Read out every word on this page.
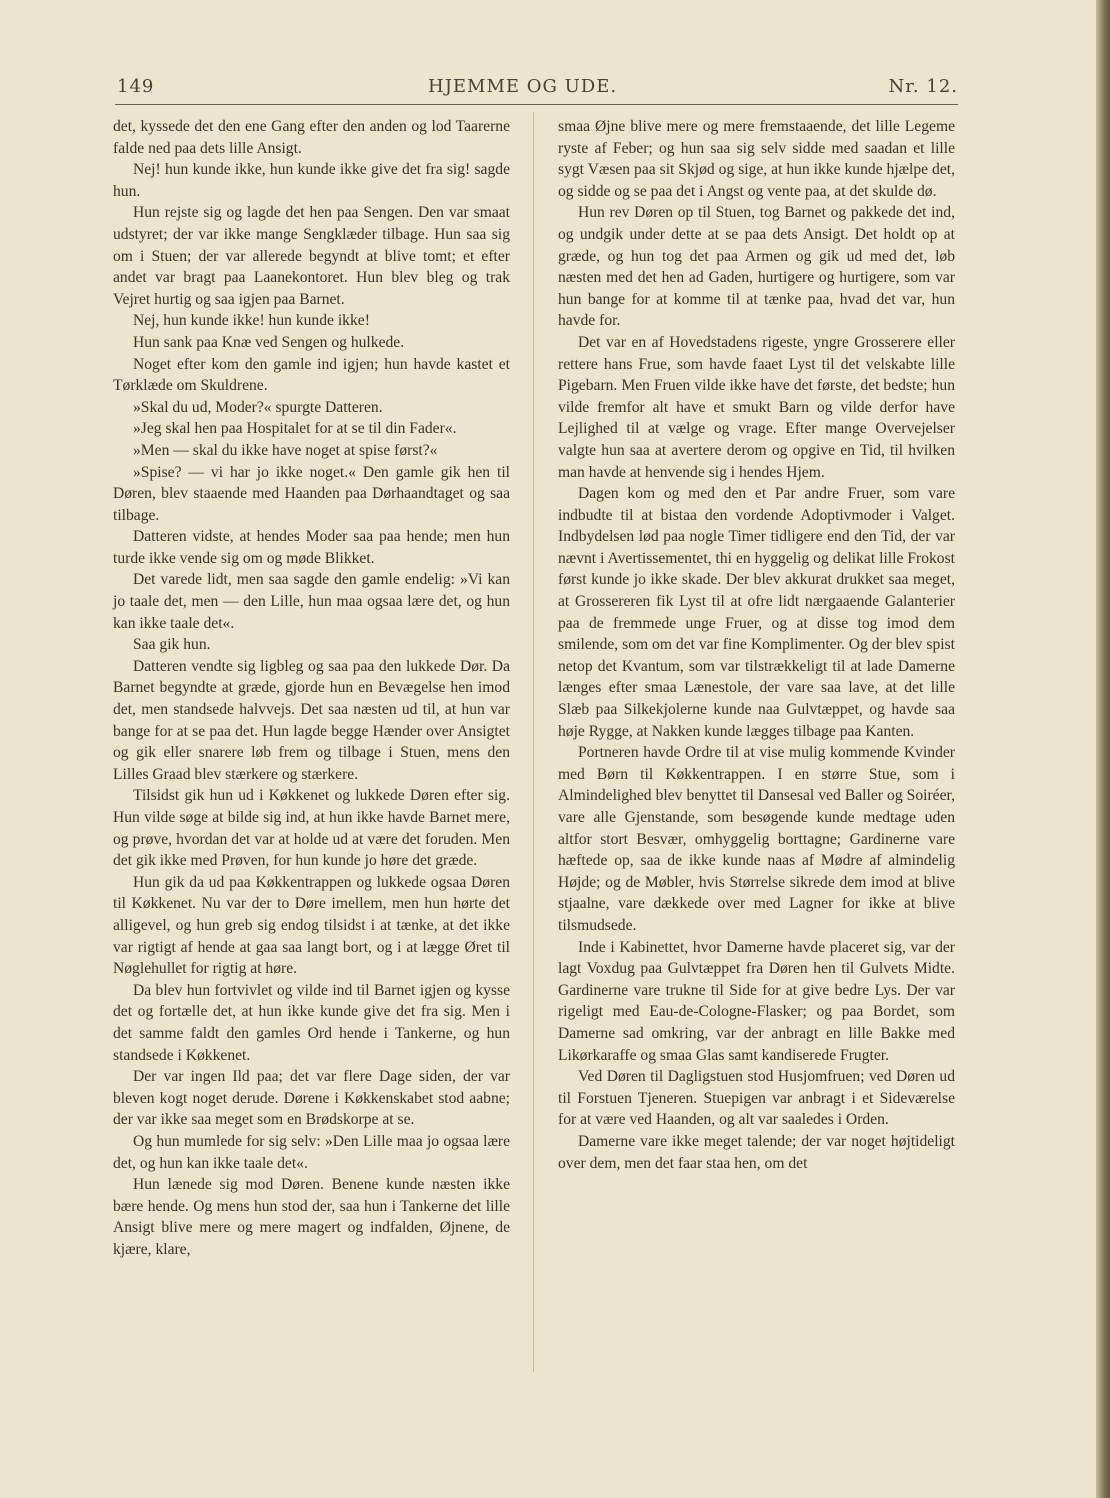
149	HJEMME OG UDE.	Nr. 12.

det, kyssede det den ene Gang efter den anden og lod Taarerne falde ned paa dets lille Ansigt.

Nej! hun kunde ikke, hun kunde ikke give det fra sig! sagde hun.

Hun rejste sig og lagde det hen paa Sengen. Den var smaat udstyret; der var ikke mange Sengklæder tilbage. Hun saa sig om i Stuen; der var allerede begyndt at blive tomt; et efter andet var bragt paa Laanekontoret. Hun blev bleg og trak Vejret hurtig og saa igjen paa Barnet.

Nej, hun kunde ikke! hun kunde ikke!

Hun sank paa Knæ ved Sengen og hulkede.

Noget efter kom den gamle ind igjen; hun havde kastet et Tørklæde om Skuldrene.

»Skal du ud, Moder?« spurgte Datteren.

»Jeg skal hen paa Hospitalet for at se til din Fader«.

»Men — skal du ikke have noget at spise først?«

»Spise? — vi har jo ikke noget.« Den gamle gik hen til Døren, blev staaende med Haanden paa Dørhaandtaget og saa tilbage.

Datteren vidste, at hendes Moder saa paa hende; men hun turde ikke vende sig om og møde Blikket.

Det varede lidt, men saa sagde den gamle endelig: »Vi kan jo taale det, men — den Lille, hun maa ogsaa lære det, og hun kan ikke taale det«.

Saa gik hun.

Datteren vendte sig ligbleg og saa paa den lukkede Dør. Da Barnet begyndte at græde, gjorde hun en Bevægelse hen imod det, men standsede halvvejs. Det saa næsten ud til, at hun var bange for at se paa det. Hun lagde begge Hænder over Ansigtet og gik eller snarere løb frem og tilbage i Stuen, mens den Lilles Graad blev stærkere og stærkere.

Tilsidst gik hun ud i Køkkenet og lukkede Døren efter sig. Hun vilde søge at bilde sig ind, at hun ikke havde Barnet mere, og prøve, hvordan det var at holde ud at være det foruden. Men det gik ikke med Prøven, for hun kunde jo høre det græde.

Hun gik da ud paa Køkkentrappen og lukkede ogsaa Døren til Køkkenet. Nu var der to Døre imellem, men hun hørte det alligevel, og hun greb sig endog tilsidst i at tænke, at det ikke var rigtigt af hende at gaa saa langt bort, og i at lægge Øret til Nøglehullet for rigtig at høre.

Da blev hun fortvivlet og vilde ind til Barnet igjen og kysse det og fortælle det, at hun ikke kunde give det fra sig. Men i det samme faldt den gamles Ord hende i Tankerne, og hun standsede i Køkkenet.

Der var ingen Ild paa; det var flere Dage siden, der var bleven kogt noget derude. Dørene i Køkkenskabet stod aabne; der var ikke saa meget som en Brødskorpe at se.

Og hun mumlede for sig selv: »Den Lille maa jo ogsaa lære det, og hun kan ikke taale det«.

Hun lænede sig mod Døren. Benene kunde næsten ikke bære hende. Og mens hun stod der, saa hun i Tankerne det lille Ansigt blive mere og mere magert og indfalden, Øjnene, de kjære, klare,

smaa Øjne blive mere og mere fremstaaende, det lille Legeme ryste af Feber; og hun saa sig selv sidde med saadan et lille sygt Væsen paa sit Skjød og sige, at hun ikke kunde hjælpe det, og sidde og se paa det i Angst og vente paa, at det skulde dø.

Hun rev Døren op til Stuen, tog Barnet og pakkede det ind, og undgik under dette at se paa dets Ansigt. Det holdt op at græde, og hun tog det paa Armen og gik ud med det, løb næsten med det hen ad Gaden, hurtigere og hurtigere, som var hun bange for at komme til at tænke paa, hvad det var, hun havde for.

Det var en af Hovedstadens rigeste, yngre Grosserere eller rettere hans Frue, som havde faaet Lyst til det velskabte lille Pigebarn. Men Fruen vilde ikke have det første, det bedste; hun vilde fremfor alt have et smukt Barn og vilde derfor have Lejlighed til at vælge og vrage. Efter mange Overvejelser valgte hun saa at avertere derom og opgive en Tid, til hvilken man havde at henvende sig i hendes Hjem.

Dagen kom og med den et Par andre Fruer, som vare indbudte til at bistaa den vordende Adoptivmoder i Valget. Indbydelsen lød paa nogle Timer tidligere end den Tid, der var nævnt i Avertissementet, thi en hyggelig og delikat lille Frokost først kunde jo ikke skade. Der blev akkurat drukket saa meget, at Grossereren fik Lyst til at ofre lidt nærgaaende Galanterier paa de fremmede unge Fruer, og at disse tog imod dem smilende, som om det var fine Komplimenter. Og der blev spist netop det Kvantum, som var tilstrækkeligt til at lade Damerne længes efter smaa Lænestole, der vare saa lave, at det lille Slæb paa Silkekjolerne kunde naa Gulvtæppet, og havde saa høje Rygge, at Nakken kunde lægges tilbage paa Kanten.

Portneren havde Ordre til at vise mulig kommende Kvinder med Børn til Køkkentrappen. I en større Stue, som i Almindelighed blev benyttet til Dansesal ved Baller og Soiréer, vare alle Gjenstande, som besøgende kunde medtage uden altfor stort Besvær, omhyggelig borttagne; Gardinerne vare hæftede op, saa de ikke kunde naas af Mødre af almindelig Højde; og de Møbler, hvis Størrelse sikrede dem imod at blive stjaalne, vare dækkede over med Lagner for ikke at blive tilsmudsede.

Inde i Kabinettet, hvor Damerne havde placeret sig, var der lagt Voxdug paa Gulvtæppet fra Døren hen til Gulvets Midte. Gardinerne vare trukne til Side for at give bedre Lys. Der var rigeligt med Eau-de-Cologne-Flasker; og paa Bordet, som Damerne sad omkring, var der anbragt en lille Bakke med Likørkaraffe og smaa Glas samt kandiserede Frugter.

Ved Døren til Dagligstuen stod Husjomfruen; ved Døren ud til Forstuen Tjeneren. Stuepigen var anbragt i et Sideværelse for at være ved Haanden, og alt var saaledes i Orden.

Damerne vare ikke meget talende; der var noget højtideligt over dem, men det faar staa hen, om det
